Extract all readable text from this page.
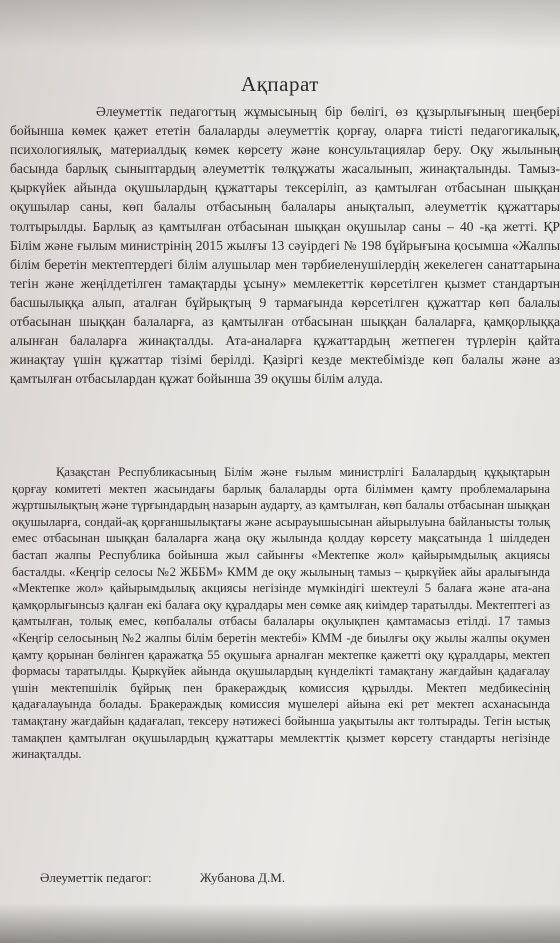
Ақпарат

Әлеуметтік педагогтың жұмысының бір бөлігі, өз құзырлығының шеңбері бойынша көмек қажет ететін балаларды әлеуметтік қорғау, оларға тиісті педагогикалық, психологиялық, материалдық көмек көрсету және консультациялар беру. Оқу жылының басында барлық сыныптардың әлеуметтік төлқұжаты жасалынып, жинақталынды. Тамыз-қыркүйек айында оқушылардың құжаттары тексеріліп, аз қамтылған отбасынан шыққан оқушылар саны, көп балалы отбасының балалары анықталып, әлеуметтік құжаттары толтырылды. Барлық аз қамтылған отбасынан шыққан оқушылар саны – 40 -қа жетті. ҚР Білім және ғылым министрінің 2015 жылғы 13 сәуірдегі № 198 бұйрығына қосымша «Жалпы білім беретін мектептердегі білім алушылар мен тәрбиеленушілердің жекелеген санаттарына тегін және жеңілдетілген тамақтарды ұсыну» мемлекеттік көрсетілген қызмет стандартын басшылыққа алып, аталған бұйрықтың 9 тармағында көрсетілген құжаттар көп балалы отбасынан шыққан балаларға, аз қамтылған отбасынан шыққан балаларға, қамқорлыққа алынған балаларға жинақталды. Ата-аналарға құжаттардың жетпеген түрлерін қайта жинақтау үшін құжаттар тізімі берілді. Қазіргі кезде мектебімізде көп балалы және аз қамтылған отбасылардан құжат бойынша 39 оқушы білім алуда.

Қазақстан Республикасының Білім және ғылым министрлігі Балалардың құқықтарын қорғау комитеті мектеп жасындағы барлық балаларды орта біліммен қамту проблемаларына жұртшылықтың және түрғындардың назарын аударту, аз қамтылған, көп балалы отбасынан шыққан оқушыларға, сондай-ақ қорғаншылықтағы және асырауышысынан айырылуына байланысты толық емес отбасынан шыққан балаларға жаңа оқу жылында қолдау көрсету мақсатында 1 шілдеден бастап жалпы Республика бойынша жыл сайынғы «Мектепке жол» қайырымдылық акциясы басталды. «Кеңгір селосы №2 ЖББМ» КММ де оқу жылының тамыз – қыркүйек айы аралығында «Мектепке жол» қайырымдылық акциясы негізінде мүмкіндігі шектеулі 5 балаға және ата-ана қамқорлығынсыз қалған екі балаға оқу құралдары мен сөмке аяқ киімдер таратылды. Мектептегі аз қамтылған, толық емес, көпбалалы отбасы балалары оқулықпен қамтамасыз етілді. 17 тамыз «Кеңгір селосының №2 жалпы білім беретін мектебі» КММ -де биылғы оқу жылы жалпы оқумен қамту қорынан бөлінген қаражатқа 55 оқушыға арналған мектепке қажетті оқу құралдары, мектеп формасы таратылды. Қыркүйек айында оқушылардың күнделікті тамақтану жағдайын қадағалау үшін мектепшілік бұйрық пен бракераждық комиссия құрылды. Мектеп медбикесінің қадағалауында болады. Бракераждық комиссия мүшелері айына екі рет мектеп асханасында тамақтану жағдайын қадағалап, тексеру нәтижесі бойынша уақытылы акт толтырады. Тегін ыстық тамақпен қамтылған оқушылардың құжаттары мемлекттік қызмет көрсету стандарты негізінде жинақталды.

Әлеуметтік педагог:	Жубанова Д.М.
